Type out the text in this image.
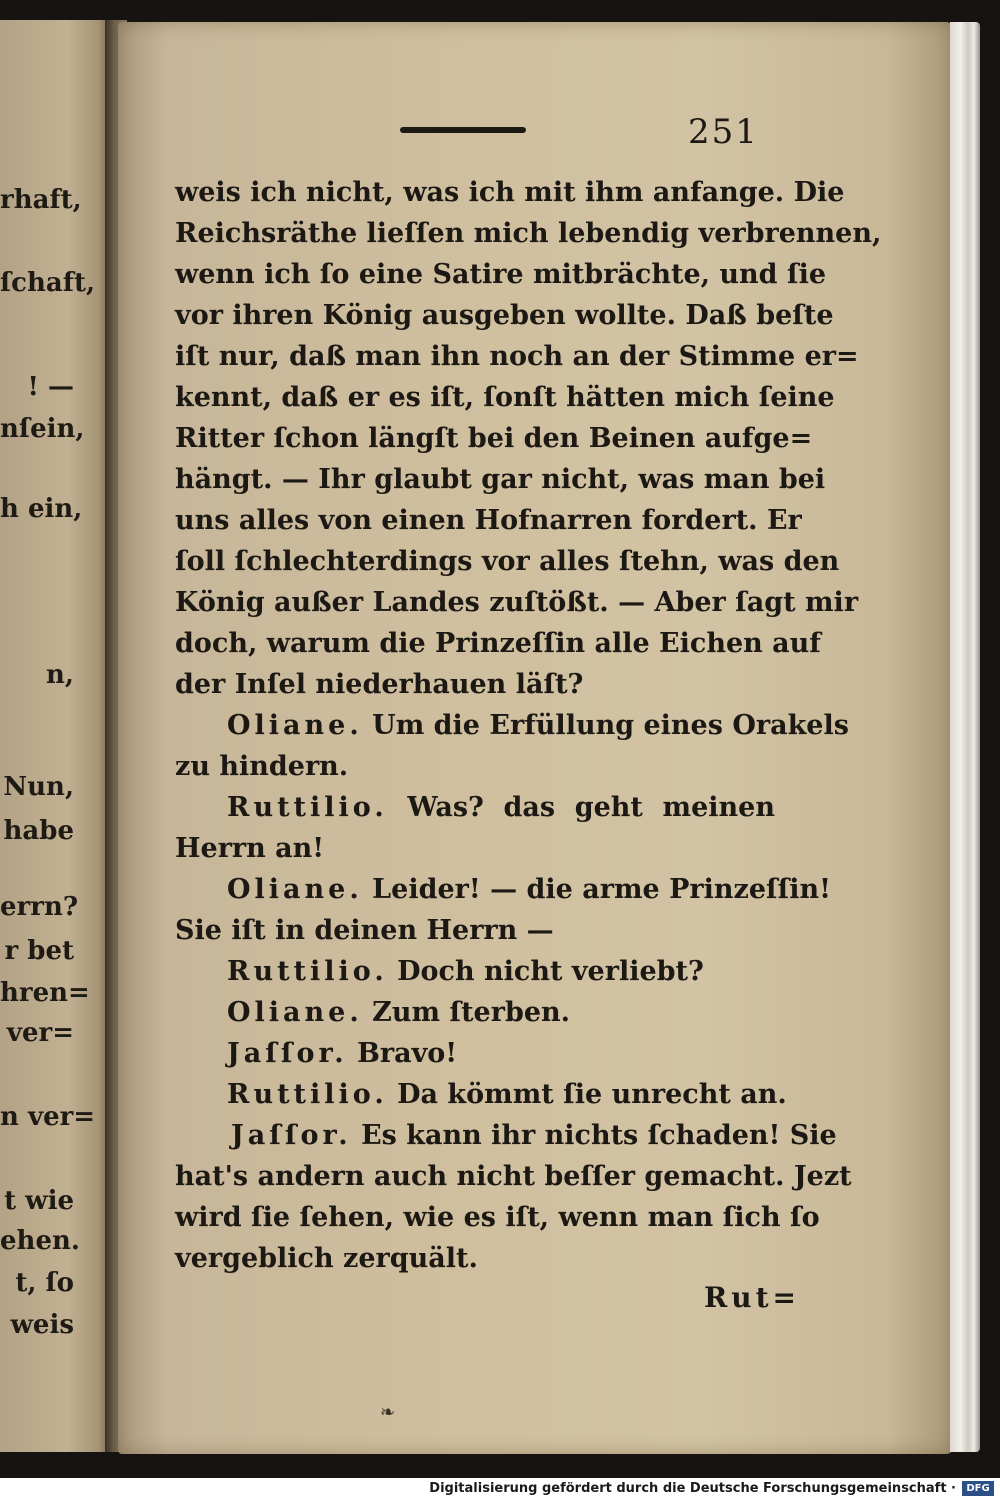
rhaft,
ſchaft,
! —
nſein,
h ein,
n,
Nun,
habe
errn?
r bet
hren=
ver=
n ver=
t wie
ehen.
t, ſo
weis
251
weis ich nicht, was ich mit ihm anfange. Die
Reichsräthe lieſſen mich lebendig verbrennen,
wenn ich ſo eine Satire mitbrächte, und ſie
vor ihren König ausgeben wollte. Daß beſte
iſt nur, daß man ihn noch an der Stimme er=
kennt, daß er es iſt, ſonſt hätten mich ſeine
Ritter ſchon längſt bei den Beinen aufge=
hängt. — Ihr glaubt gar nicht, was man bei
uns alles von einen Hofnarren fordert. Er
ſoll ſchlechterdings vor alles ſtehn, was den
König außer Landes zuſtößt. — Aber ſagt mir
doch, warum die Prinzeſſin alle Eichen auf
der Inſel niederhauen läſt?
Oliane. Um die Erfüllung eines Orakels
zu hindern.
Ruttilio. Was? das geht meinen
Herrn an!
Oliane. Leider! — die arme Prinzeſſin!
Sie iſt in deinen Herrn —
Ruttilio. Doch nicht verliebt?
Oliane. Zum ſterben.
Jaſſor. Bravo!
Ruttilio. Da kömmt ſie unrecht an.
Jaſſor. Es kann ihr nichts ſchaden! Sie
hat's andern auch nicht beſſer gemacht. Jezt
wird ſie ſehen, wie es iſt, wenn man ſich ſo
vergeblich zerquält.
Rut=
❧
Digitalisierung gefördert durch die Deutsche Forschungsgemeinschaft ·	DFG
